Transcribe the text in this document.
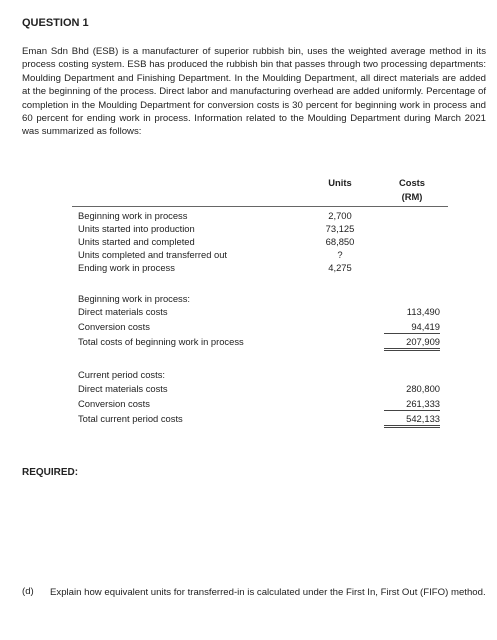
QUESTION 1

Eman Sdn Bhd (ESB) is a manufacturer of superior rubbish bin, uses the weighted average method in its process costing system. ESB has produced the rubbish bin that passes through two processing departments: Moulding Department and Finishing Department. In the Moulding Department, all direct materials are added at the beginning of the process. Direct labor and manufacturing overhead are added uniformly. Percentage of completion in the Moulding Department for conversion costs is 30 percent for beginning work in process and 60 percent for ending work in process. Information related to the Moulding Department during March 2021 was summarized as follows:

Units	Costs
(RM)
Beginning work in process	2,700
Units started into production	73,125
Units started and completed	68,850
Units completed and transferred out	?
Ending work in process	4,275
Beginning work in process:
Direct materials costs	113,490
Conversion costs	94,419
Total costs of beginning work in process	207,909
Current period costs:
Direct materials costs	280,800
Conversion costs	261,333
Total current period costs	542,133
REQUIRED:
(d) Explain how equivalent units for transferred-in is calculated under the First In, First Out (FIFO) method.
